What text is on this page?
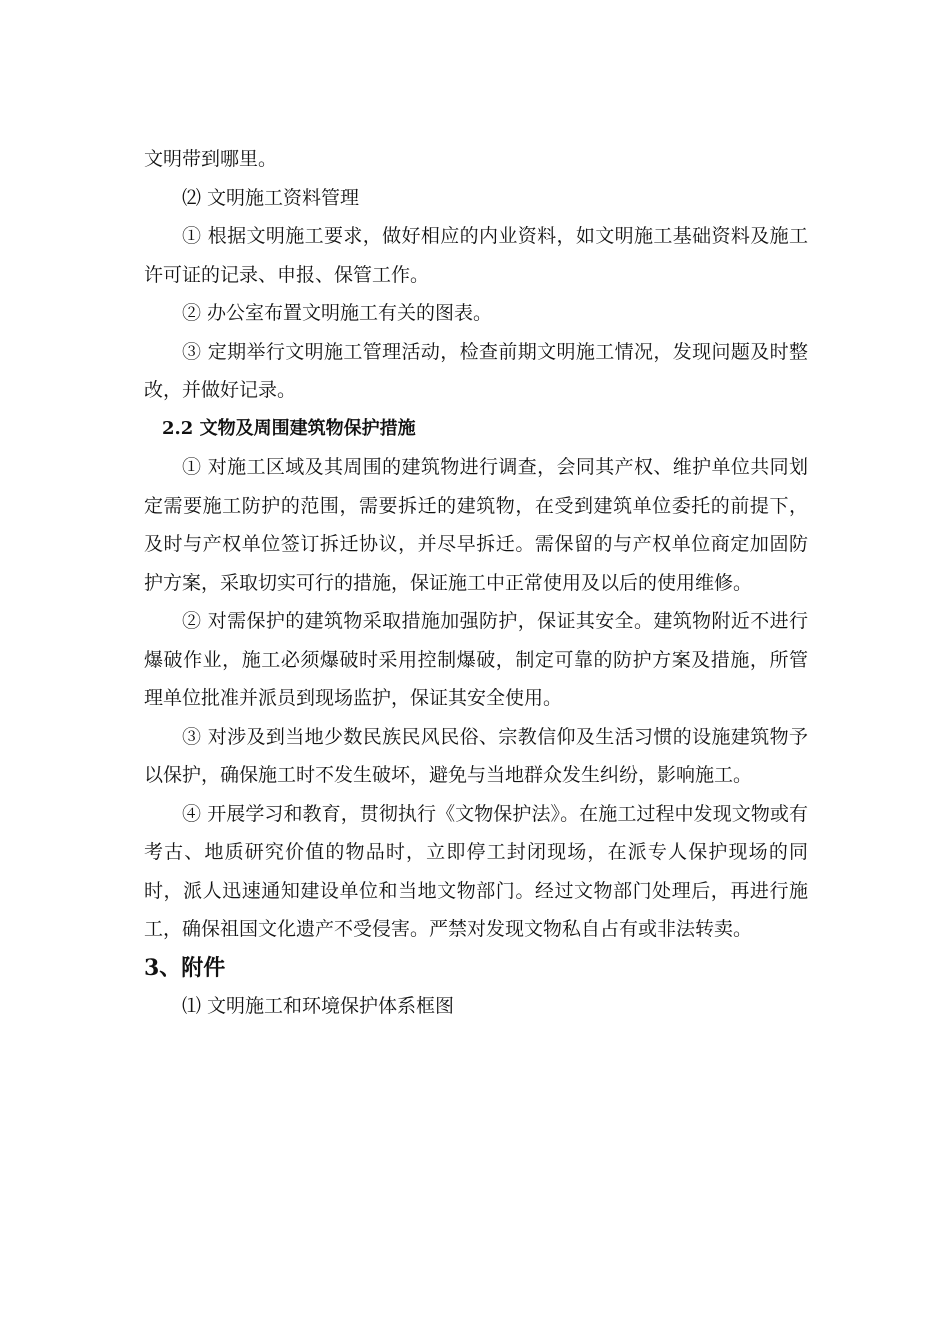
文明带到哪里。

⑵ 文明施工资料管理

① 根据文明施工要求，做好相应的内业资料，如文明施工基础资料及施工许可证的记录、申报、保管工作。

② 办公室布置文明施工有关的图表。

③ 定期举行文明施工管理活动，检查前期文明施工情况，发现问题及时整改，并做好记录。

2.2 文物及周围建筑物保护措施

① 对施工区域及其周围的建筑物进行调查，会同其产权、维护单位共同划定需要施工防护的范围，需要拆迁的建筑物，在受到建筑单位委托的前提下，及时与产权单位签订拆迁协议，并尽早拆迁。需保留的与产权单位商定加固防护方案，采取切实可行的措施，保证施工中正常使用及以后的使用维修。

② 对需保护的建筑物采取措施加强防护，保证其安全。建筑物附近不进行爆破作业，施工必须爆破时采用控制爆破，制定可靠的防护方案及措施，所管理单位批准并派员到现场监护，保证其安全使用。

③ 对涉及到当地少数民族民风民俗、宗教信仰及生活习惯的设施建筑物予以保护，确保施工时不发生破坏，避免与当地群众发生纠纷，影响施工。

④ 开展学习和教育，贯彻执行《文物保护法》。在施工过程中发现文物或有考古、地质研究价值的物品时，立即停工封闭现场，在派专人保护现场的同时，派人迅速通知建设单位和当地文物部门。经过文物部门处理后，再进行施工，确保祖国文化遗产不受侵害。严禁对发现文物私自占有或非法转卖。

3、附件

⑴ 文明施工和环境保护体系框图
